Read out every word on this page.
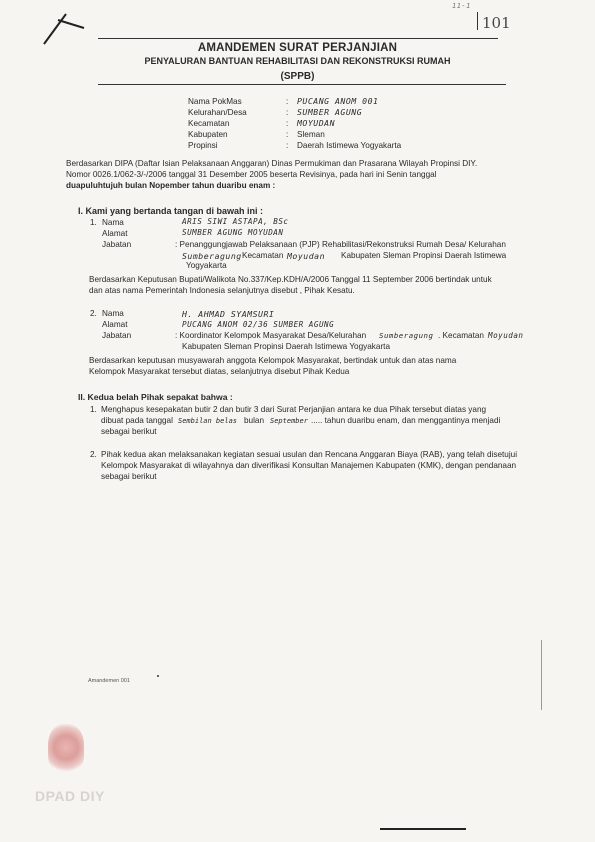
11-1
101
AMANDEMEN SURAT PERJANJIAN
PENYALURAN BANTUAN REHABILITASI DAN REKONSTRUKSI RUMAH
(SPPB)
Nama PokMas	: PUCANG ANOM 001
Kelurahan/Desa	: SUMBER AGUNG
Kecamatan	: MOYUDAN
Kabupaten	: Sleman
Propinsi	: Daerah Istimewa Yogyakarta
Berdasarkan DIPA (Daftar Isian Pelaksanaan Anggaran) Dinas Permukiman dan Prasarana Wilayah Propinsi DIY.
Nomor 0026.1/062-3/-/2006 tanggal 31 Desember 2005 beserta Revisinya, pada hari ini Senin tanggal
duapuluhtujuh bulan Nopember tahun duaribu enam :
I. Kami yang bertanda tangan di bawah ini :
1. Nama	ARIS SIWI ASTAPA, BSc
Alamat	SUMBER AGUNG MOYUDAN
Jabatan	: Penanggungjawab Pelaksanaan (PJP) Rehabilitasi/Rekonstruksi Rumah Desa/ Kelurahan
Sumberagung Kecamatan Moyudan Kabupaten Sleman Propinsi Daerah Istimewa
Yogyakarta
Berdasarkan Keputusan Bupati/Walikota No.337/Kep.KDH/A/2006 Tanggal 11 September 2006 bertindak untuk
dan atas nama Pemerintah Indonesia selanjutnya disebut , Pihak Kesatu.
2. Nama	H. AHMAD SYAMSURI
Alamat	PUCANG ANOM 02/36 SUMBER AGUNG
Jabatan	: Koordinator Kelompok Masyarakat Desa/Kelurahan Sumberagung . Kecamatan Moyudan
Kabupaten Sleman Propinsi Daerah Istimewa Yogyakarta
Berdasarkan keputusan musyawarah anggota Kelompok Masyarakat, bertindak untuk dan atas nama
Kelompok Masyarakat tersebut diatas, selanjutnya disebut Pihak Kedua
II. Kedua belah Pihak sepakat bahwa :
1. Menghapus kesepakatan butir 2 dan butir 3 dari Surat Perjanjian antara ke dua Pihak tersebut diatas yang
dibuat pada tanggal Sembilan belas bulan September ..... tahun duaribu enam, dan menggantinya menjadi
sebagai berikut
2. Pihak kedua akan melaksanakan kegiatan sesuai usulan dan Rencana Anggaran Biaya (RAB), yang telah disetujui
Kelompok Masyarakat di wilayahnya dan diverifikasi Konsultan Manajemen Kabupaten (KMK), dengan pendanaan
sebagai berikut
Amandemen 001
DPAD DIY
